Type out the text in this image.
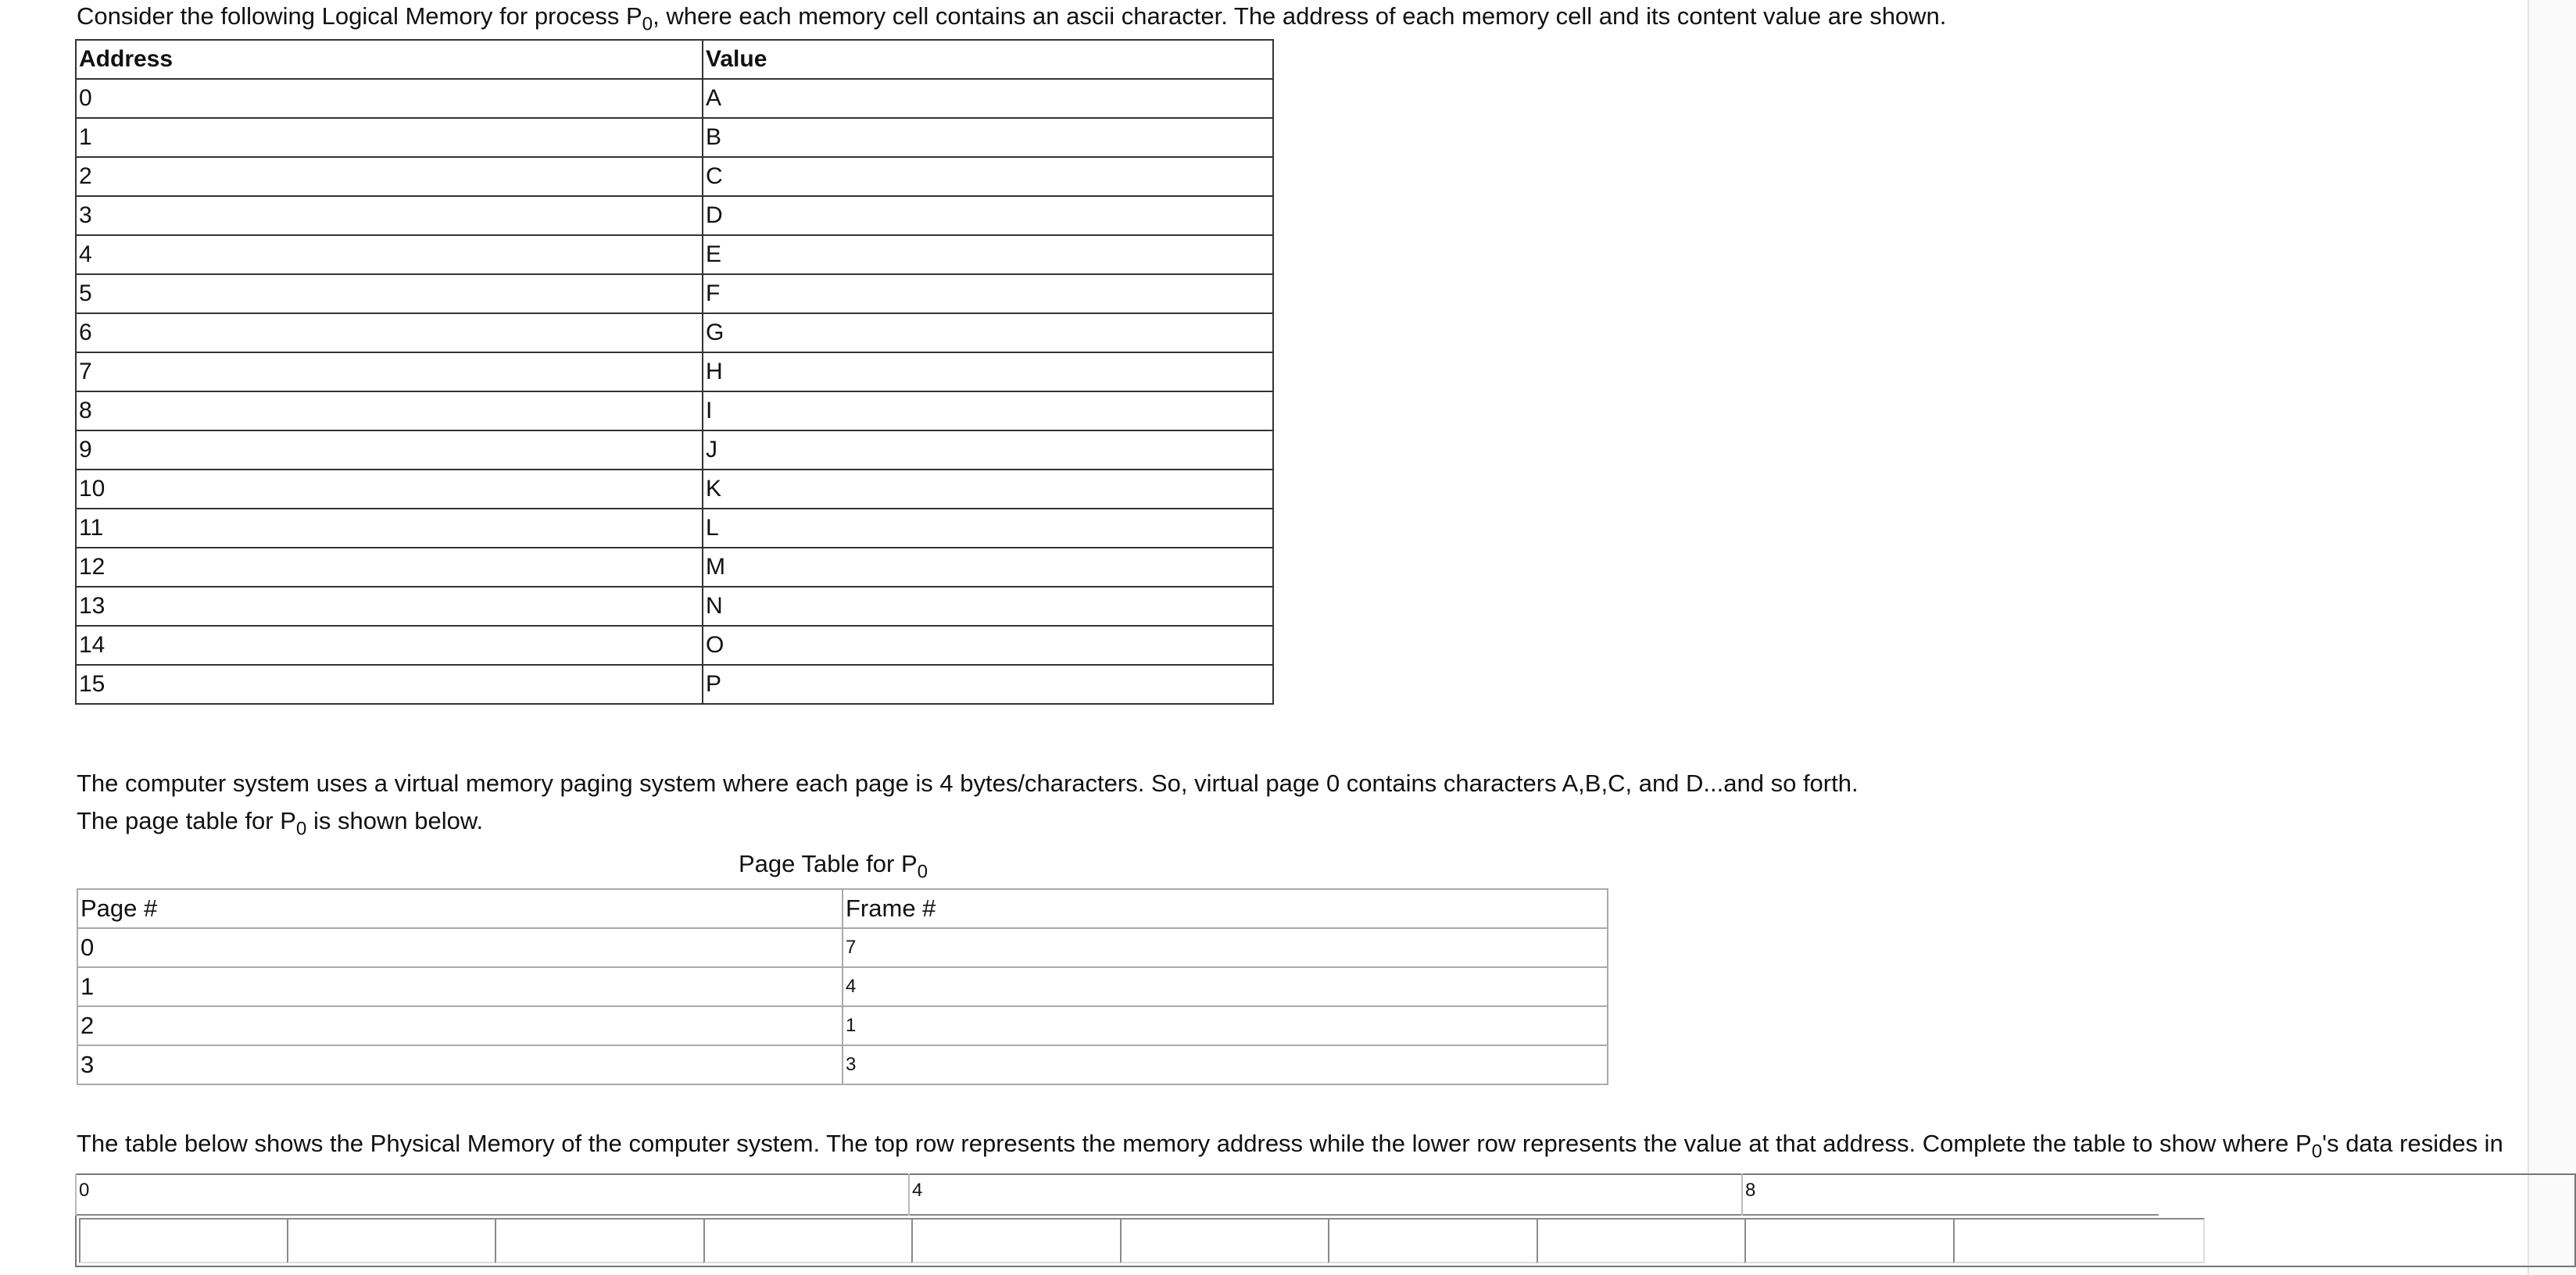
Consider the following Logical Memory for process $P_0$, where each memory cell contains an ascii character. The address of each memory cell and its content value are shown.

Address	Value
0	A
1	B
2	C
3	D
4	E
5	F
6	G
7	H
8	I
9	J
10	K
11	L
12	M
13	N
14	O
15	P

The computer system uses a virtual memory paging system where each page is 4 bytes/characters. So, virtual page 0 contains characters A,B,C, and D...and so forth.

The page table for $P_0$ is shown below.

Page Table for $P_0$
Page #	Frame #
0	7
1	4
2	1
3	3

The table below shows the Physical Memory of the computer system. The top row represents the memory address while the lower row represents the value at that address. Complete the table to show where $P_0's$ data resides in

0				4				8	
